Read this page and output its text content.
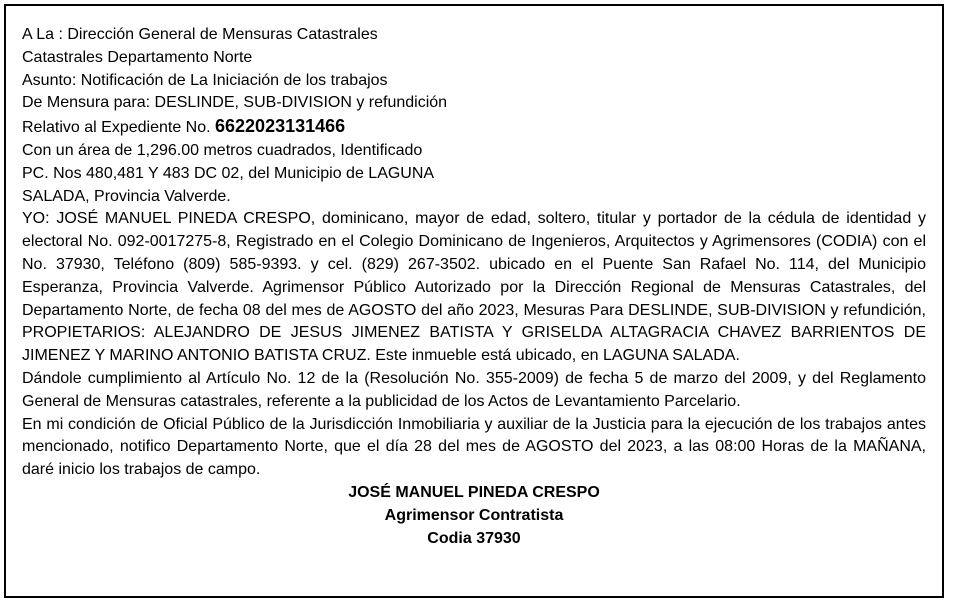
A La : Dirección General de Mensuras Catastrales
Catastrales Departamento Norte
Asunto: Notificación de La Iniciación de los trabajos
De Mensura para: DESLINDE, SUB-DIVISION y refundición
Relativo al Expediente No. 6622023131466
Con un área de 1,296.00 metros cuadrados, Identificado
PC. Nos 480,481 Y 483 DC 02, del Municipio de LAGUNA
SALADA, Provincia Valverde.

YO: JOSÉ MANUEL PINEDA CRESPO, dominicano, mayor de edad, soltero, titular y portador de la cédula de identidad y electoral No. 092-0017275-8, Registrado en el Colegio Dominicano de Ingenieros, Arquitectos y Agrimensores (CODIA) con el No. 37930, Teléfono (809) 585-9393. y cel. (829) 267-3502. ubicado en el Puente San Rafael No. 114, del Municipio Esperanza, Provincia Valverde. Agrimensor Público Autorizado por la Dirección Regional de Mensuras Catastrales, del Departamento Norte, de fecha 08 del mes de AGOSTO del año 2023, Mesuras Para DESLINDE, SUB-DIVISION y refundición, PROPIETARIOS: ALEJANDRO DE JESUS JIMENEZ BATISTA Y GRISELDA ALTAGRACIA CHAVEZ BARRIENTOS DE JIMENEZ Y MARINO ANTONIO BATISTA CRUZ. Este inmueble está ubicado, en LAGUNA SALADA.

Dándole cumplimiento al Artículo No. 12 de la (Resolución No. 355-2009) de fecha 5 de marzo del 2009, y del Reglamento General de Mensuras catastrales, referente a la publicidad de los Actos de Levantamiento Parcelario.

En mi condición de Oficial Público de la Jurisdicción Inmobiliaria y auxiliar de la Justicia para la ejecución de los trabajos antes mencionado, notifico Departamento Norte, que el día 28 del mes de AGOSTO del 2023, a las 08:00 Horas de la MAÑANA, daré inicio los trabajos de campo.

JOSÉ MANUEL PINEDA CRESPO
Agrimensor Contratista
Codia 37930
